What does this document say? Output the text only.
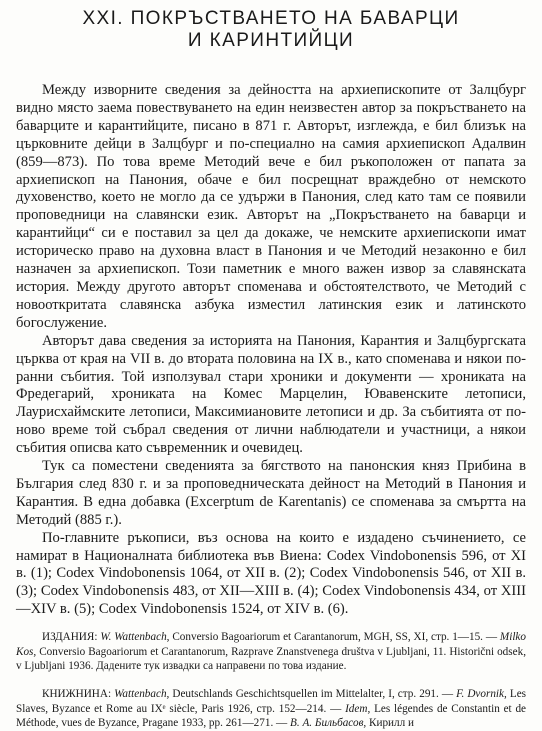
XXI. ПОКРЪСТВАНЕТО НА БАВАРЦИ
И КАРИНТИЙЦИ

Между изворните сведения за дейността на архиепископите от Залцбург видно място заема повествуването на един неизвестен автор за покръстването на баварците и карантийците, писано в 871 г. Авторът, изглежда, е бил близък на църковните дейци в Залцбург и по-специално на самия архиепископ Адалвин (859—873). По това време Методий вече е бил ръкоположен от папата за архиепископ на Панония, обаче е бил посрещнат враждебно от немското духовенство, което не могло да се удържи в Панония, след като там се появили проповедници на славянски език. Авторът на „Покръстването на баварци и карантийци“ си е поставил за цел да докаже, че немските архиепископи имат историческо право на духовна власт в Панония и че Методий незаконно е бил назначен за архиепископ. Този паметник е много важен извор за славянската история. Между другото авторът споменава и обстоятелството, че Методий с новооткритата славянска азбука изместил латинския език и латинското богослужение.

Авторът дава сведения за историята на Панония, Карантия и Залцбургската църква от края на VII в. до втората половина на IX в., като споменава и някои по-ранни събития. Той използувал стари хроники и документи — хрониката на Фредегарий, хрониката на Комес Марцелин, Ювавенските летописи, Лаурисхаймските летописи, Максимиановите летописи и др. За събитията от по-ново време той събрал сведения от лични наблюдатели и участници, а някои събития описва като съвременник и очевидец.

Тук са поместени сведенията за бягството на панонския княз Прибина в България след 830 г. и за проповедническата дейност на Методий в Панония и Карантия. В една добавка (Excerptum de Karentanis) се споменава за смъртта на Методий (885 г.).

По-главните ръкописи, въз основа на които е издадено съчинението, се намират в Националната библиотека във Виена: Codex Vindobonensis 596, от XI в. (1); Codex Vindobonensis 1064, от XII в. (2); Codex Vindobonensis 546, от XII в. (3); Codex Vindobonensis 483, от XII—XIII в. (4); Codex Vindobonensis 434, от XIII—XIV в. (5); Codex Vindobonensis 1524, от XIV в. (6).

ИЗДАНИЯ: W. Wattenbach, Conversio Bagoariorum et Carantanorum, MGH, SS, XI, стр. 1—15. — Milko Kos, Conversio Bagoariorum et Carantanorum, Razprave Znanstvenega društva v Ljubljani, 11. Historični odsek, v Ljubljani 1936. Дадените тук извадки са направени по това издание.

КНИЖНИНА: Wattenbach, Deutschlands Geschichtsquellen im Mittelalter, I, стр. 291. — F. Dvornik, Les Slaves, Byzance et Rome au IXᵉ siècle, Paris 1926, стр. 152—214. — Idem, Les légendes de Constantin et de Méthode, vues de Byzance, Pragane 1933, pp. 261—271. — В. А. Бильбасов, Кирилл и
